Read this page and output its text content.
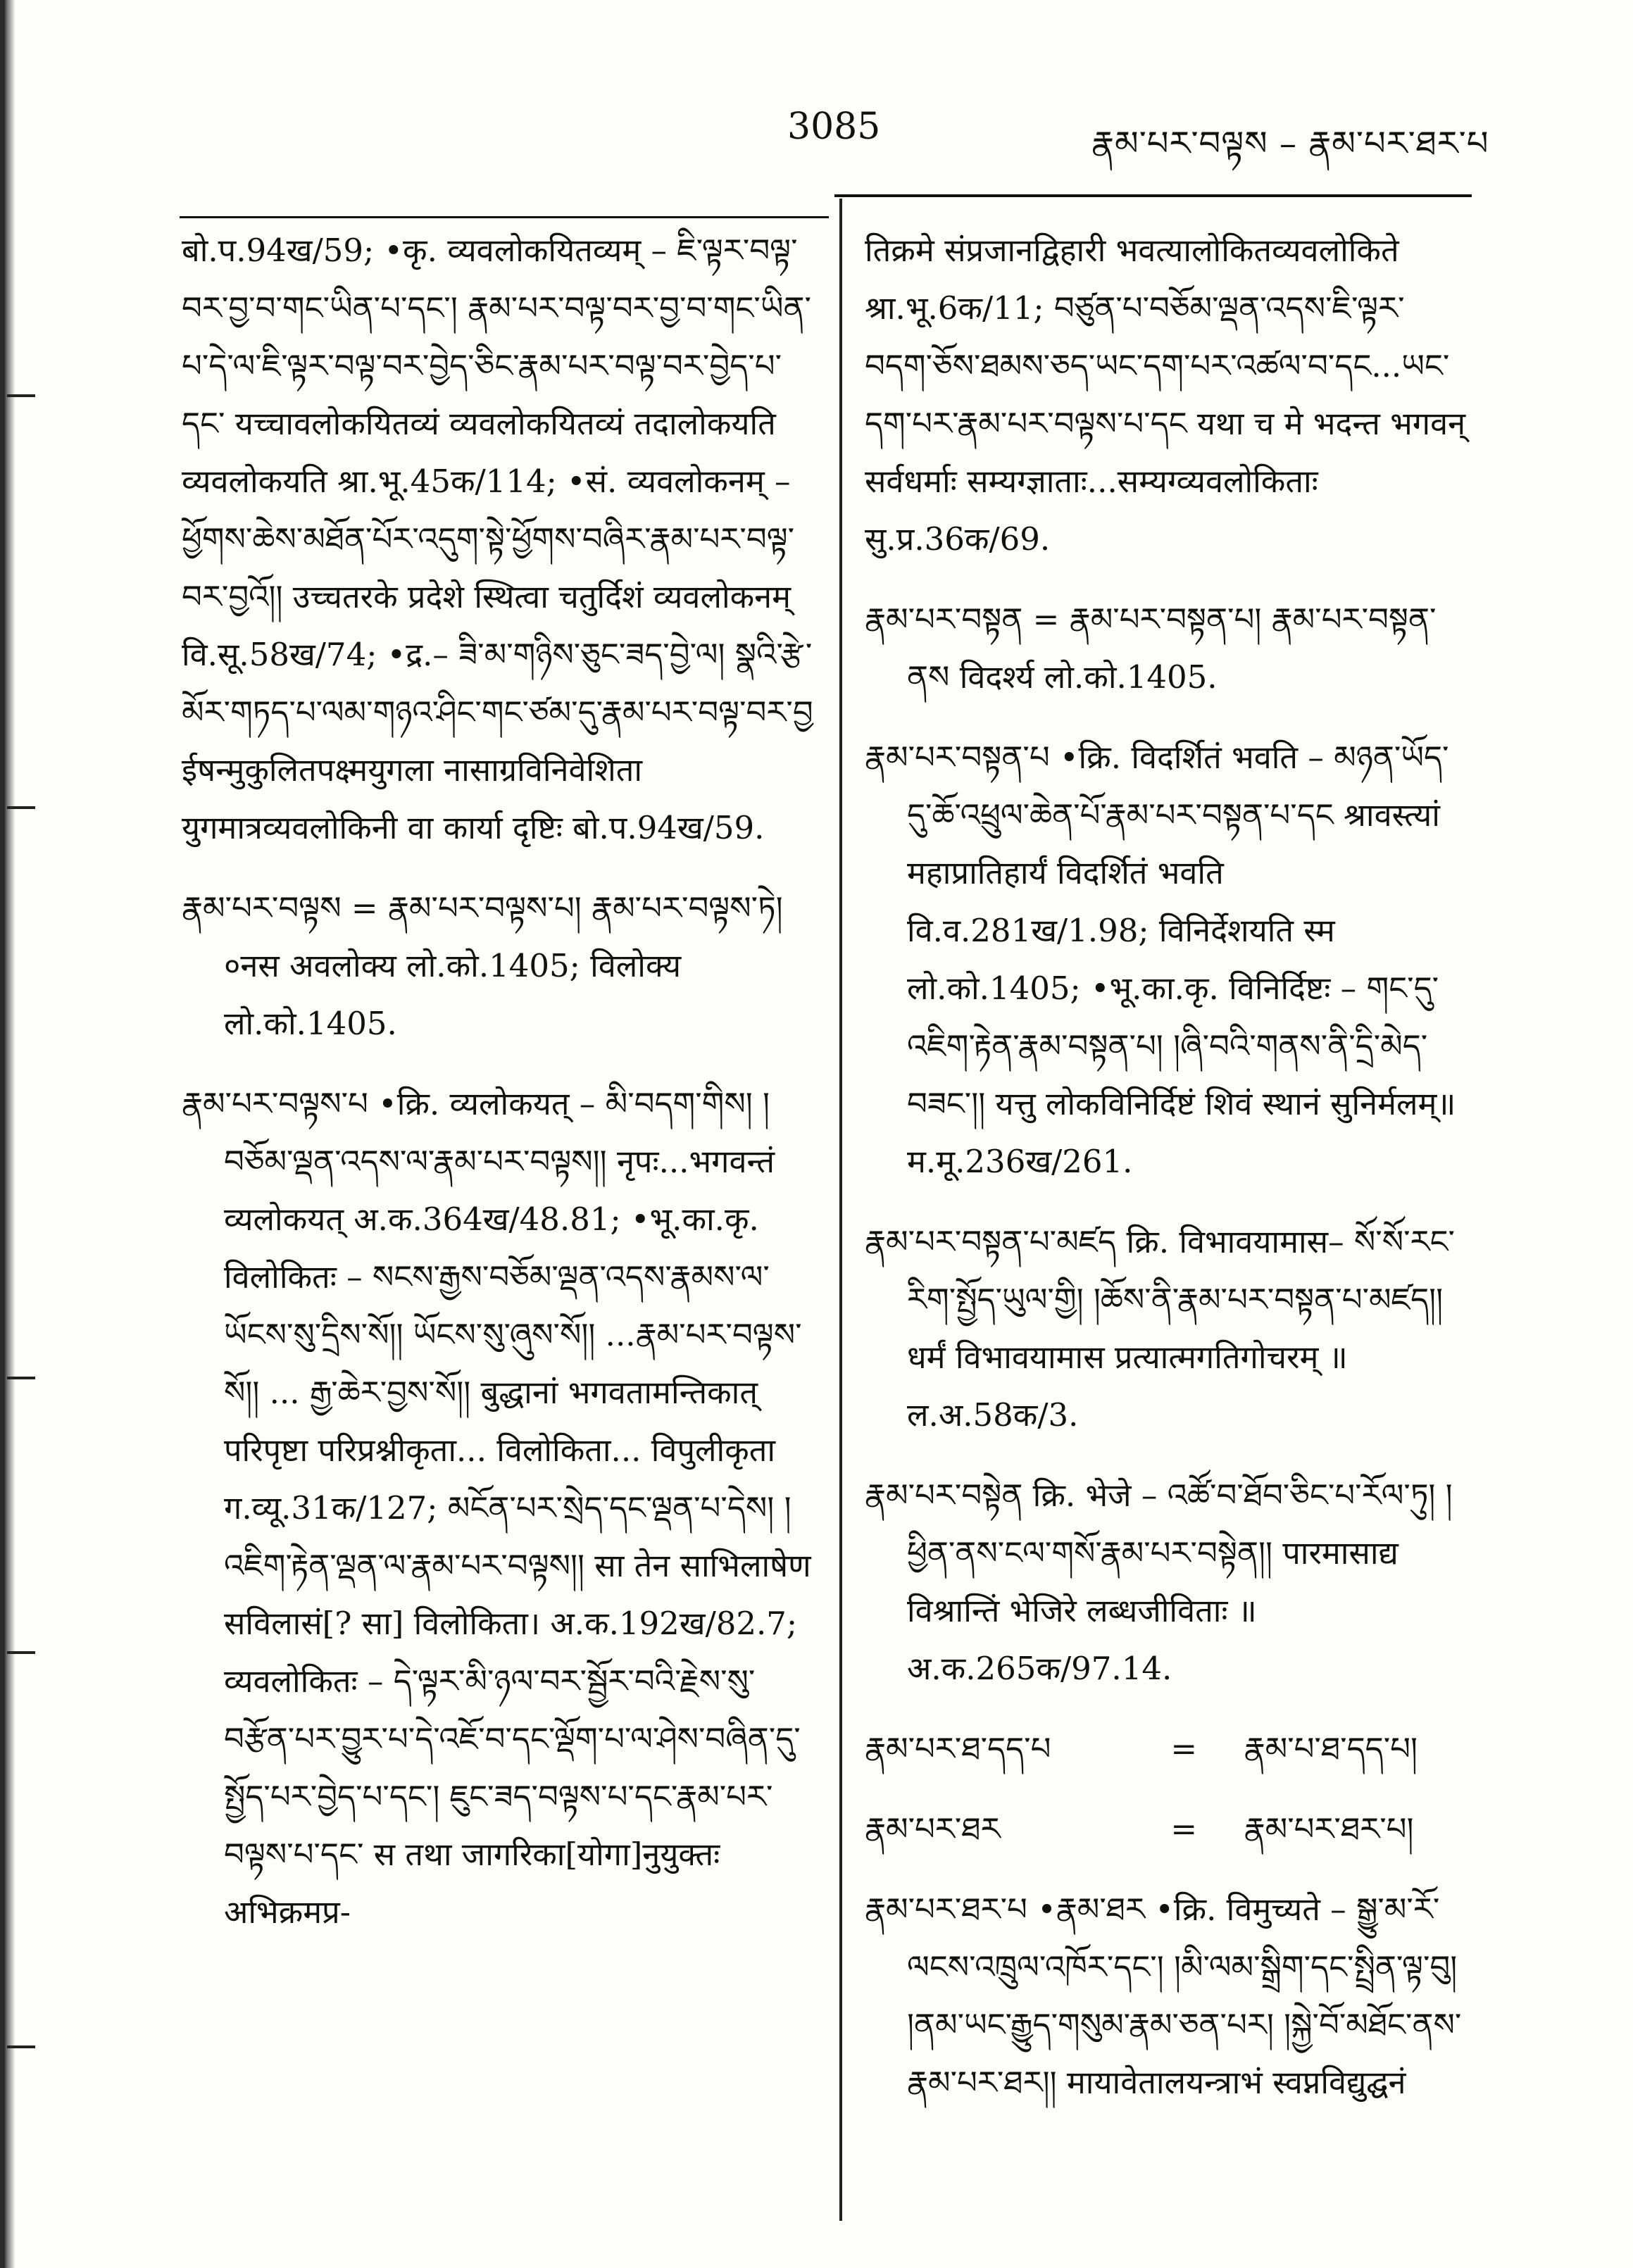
3085	རྣམ་པར་བལྟས – རྣམ་པར་ཐར་པ

बो.प.94ख/59; •कृ. व्यवलोकयितव्यम् – ཇི་ལྟར་བལྟ་བར་བྱ་བ་གང་ཡིན་པ་དང་། རྣམ་པར་བལྟ་བར་བྱ་བ་གང་ཡིན་པ་དེ་ལ་ཇི་ལྟར་བལྟ་བར་བྱེད་ཅིང་རྣམ་པར་བལྟ་བར་བྱེད་པ་དང་ यच्चावलोकयितव्यं व्यवलोकयितव्यं तदालोकयति व्यवलोकयति श्रा.भू.45क/114; •सं. व्यवलोकनम् – ཕྱོགས་ཆེས་མཐོན་པོར་འདུག་སྟེ་ཕྱོགས་བཞིར་རྣམ་པར་བལྟ་བར་བྱའོ།། उच्चतरके प्रदेशे स्थित्वा चतुर्दिशं व्यवलोकनम् वि.सू.58ख/74; •द्र.– ཟི་མ་གཉིས་ཅུང་ཟད་བྱེ་ལ། སྣའི་རྩེ་མོར་གཏད་པ་ལམ་གཉའ་ཤིང་གང་ཙམ་དུ་རྣམ་པར་བལྟ་བར་བྱ ईषन्मुकुलितपक्ष्मयुगला नासाग्रविनिवेशिता युगमात्रव्यवलोकिनी वा कार्या दृष्टिः बो.प.94ख/59.

རྣམ་པར་བལྟས = རྣམ་པར་བལྟས་པ། རྣམ་པར་བལྟས་ཏེ། ०नस अवलोक्य लो.को.1405; विलोक्य लो.को.1405.

རྣམ་པར་བལྟས་པ •क्रि. व्यलोकयत् – མི་བདག་གིས། །བཅོམ་ལྡན་འདས་ལ་རྣམ་པར་བལྟས།། नृपः...भगवन्तं व्यलोकयत् अ.क.364ख/48.81; •भू.का.कृ. विलोकितः – སངས་རྒྱས་བཅོམ་ལྡན་འདས་རྣམས་ལ་ཡོངས་སུ་དྲིས་སོ།། ཡོངས་སུ་ཞུས་སོ།། ...རྣམ་པར་བལྟས་སོ།། ... རྒྱ་ཆེར་བྱས་སོ།། बुद्धानां भगवतामन्तिकात् परिपृष्टा परिप्रश्नीकृता... विलोकिता... विपुलीकृता ग.व्यू.31क/127; མངོན་པར་སྲེད་དང་ལྡན་པ་དེས། །འཇིག་རྟེན་ལྡན་ལ་རྣམ་པར་བལྟས།། सा तेन साभिलाषेण सविलासं[? सा] विलोकिता। अ.क.192ख/82.7; व्यवलोकितः – དེ་ལྟར་མི་ཉལ་བར་སྦྱོར་བའི་རྗེས་སུ་བརྩོན་པར་བྱུར་པ་དེ་འཇོ་བ་དང་ལྡོག་པ་ལ་ཤེས་བཞིན་དུ་སྤྱོད་པར་བྱེད་པ་དང་། ཇུང་ཟད་བལྟས་པ་དང་རྣམ་པར་བལྟས་པ་དང་ स तथा जागरिका[योगा]नुयुक्तः अभिक्रमप्र-

तिक्रमे संप्रजानद्विहारी भवत्यालोकितव्यवलोकिते श्रा.भू.6क/11; བཙུན་པ་བཅོམ་ལྡན་འདས་ཇི་ལྟར་བདག་ཅོས་ཐམས་ཅད་ཡང་དག་པར་འཚལ་བ་དང...ཡང་དག་པར་རྣམ་པར་བལྟས་པ་དང यथा च मे भदन्त भगवन् सर्वधर्माः सम्यग्ज्ञाताः...सम्यग्व्यवलोकिताः सु.प्र.36क/69.

རྣམ་པར་བསྟན = རྣམ་པར་བསྟན་པ། རྣམ་པར་བསྟན་ནས विदर्श्य लो.को.1405.

རྣམ་པར་བསྟན་པ •क्रि. विदर्शितं भवति – མཉན་ཡོད་དུ་ཆོ་འཕྲུལ་ཆེན་པོ་རྣམ་པར་བསྟན་པ་དང श्रावस्त्यां महाप्रातिहार्यं विदर्शितं भवति वि.व.281ख/1.98; विनिर्देशयति स्म लो.को.1405; •भू.का.कृ. विनिर्दिष्टः – གང་དུ་འཇིག་རྟེན་རྣམ་བསྟན་པ། །ཞི་བའི་གནས་ནི་དྲི་མེད་བཟང་།། यत्तु लोकविनिर्दिष्टं शिवं स्थानं सुनिर्मलम्॥ म.मू.236ख/261.

རྣམ་པར་བསྟན་པ་མཛད क्रि. विभावयामास– སོ་སོ་རང་རིག་སྤྱོད་ཡུལ་གྱི། །ཆོས་ནི་རྣམ་པར་བསྟན་པ་མཛད།། धर्मं विभावयामास प्रत्यात्मगतिगोचरम् ॥ ल.अ.58क/3.

རྣམ་པར་བསྟེན क्रि. भेजे – འཚོ་བ་ཐོབ་ཅིང་པ་རོལ་ཏུ། །ཕྱིན་ནས་ངལ་གསོ་རྣམ་པར་བསྟེན།། पारमासाद्य विश्रान्तिं भेजिरे लब्धजीविताः ॥ अ.क.265क/97.14.

རྣམ་པར་ཐ་དད་པ	= རྣམ་པ་ཐ་དད་པ།

རྣམ་པར་ཐར	= རྣམ་པར་ཐར་པ།

རྣམ་པར་ཐར་པ •རྣམ་ཐར •क्रि. विमुच्यते – སྒྱུ་མ་རོ་ལངས་འཁྲུལ་འཁོར་དང་། །མི་ལམ་སྒྲིག་དང་སྤྲིན་ལྟ་བུ། །ནམ་ཡང་རྒྱུད་གསུམ་རྣམ་ཅན་པར། །སྐྱེ་བོ་མཐོང་ནས་རྣམ་པར་ཐར།། मायावेतालयन्त्राभं स्वप्नविद्युद्घनं
